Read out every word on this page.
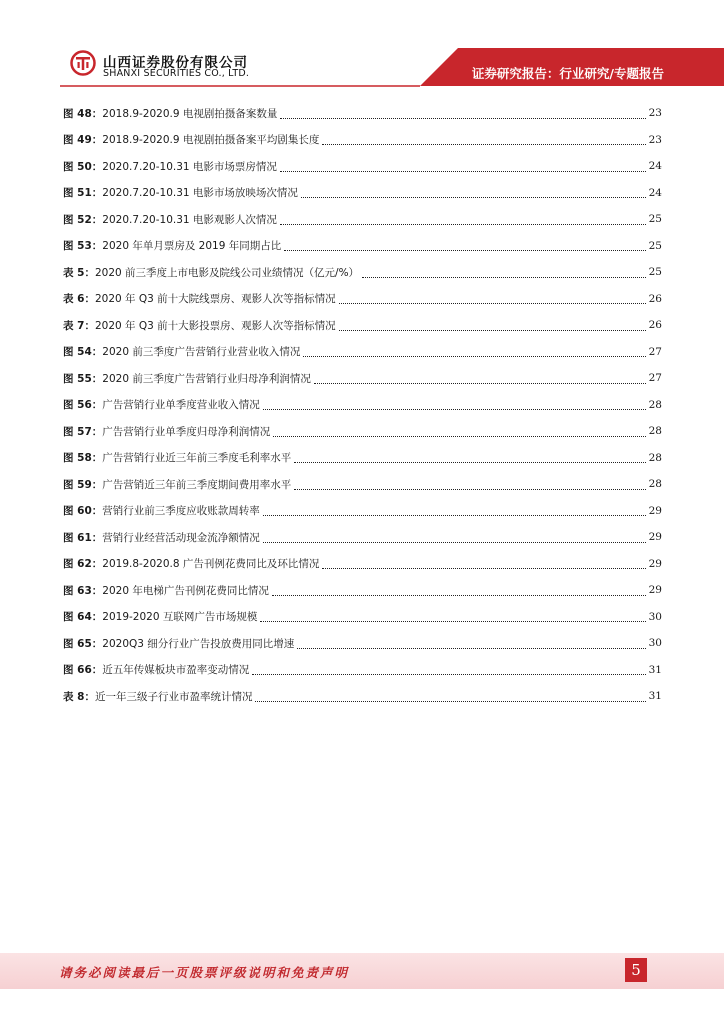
山西证券股份有限公司
SHANXI SECURITIES CO., LTD.	证券研究报告：行业研究/专题报告
图 48：2018.9-2020.9 电视剧拍摄备案数量	23
图 49：2018.9-2020.9 电视剧拍摄备案平均剧集长度	23
图 50：2020.7.20-10.31 电影市场票房情况	24
图 51：2020.7.20-10.31 电影市场放映场次情况	24
图 52：2020.7.20-10.31 电影观影人次情况	25
图 53：2020 年单月票房及 2019 年同期占比	25
表 5：2020 前三季度上市电影及院线公司业绩情况（亿元/%）	25
表 6：2020 年 Q3 前十大院线票房、观影人次等指标情况	26
表 7：2020 年 Q3 前十大影投票房、观影人次等指标情况	26
图 54：2020 前三季度广告营销行业营业收入情况	27
图 55：2020 前三季度广告营销行业归母净利润情况	27
图 56：广告营销行业单季度营业收入情况	28
图 57：广告营销行业单季度归母净利润情况	28
图 58：广告营销行业近三年前三季度毛利率水平	28
图 59：广告营销近三年前三季度期间费用率水平	28
图 60：营销行业前三季度应收账款周转率	29
图 61：营销行业经营活动现金流净额情况	29
图 62：2019.8-2020.8 广告刊例花费同比及环比情况	29
图 63：2020 年电梯广告刊例花费同比情况	29
图 64：2019-2020 互联网广告市场规模	30
图 65：2020Q3 细分行业广告投放费用同比增速	30
图 66：近五年传媒板块市盈率变动情况	31
表 8：近一年三级子行业市盈率统计情况	31
请务必阅读最后一页股票评级说明和免责声明	5
